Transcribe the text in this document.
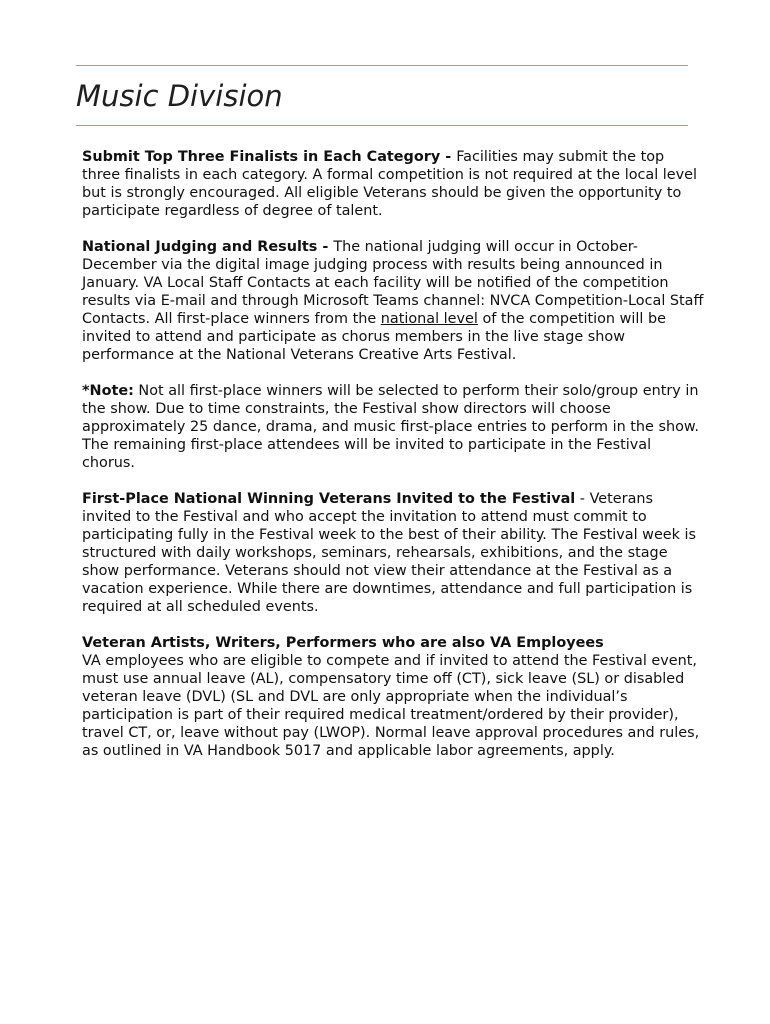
Music Division

Submit Top Three Finalists in Each Category - Facilities may submit the top three finalists in each category. A formal competition is not required at the local level but is strongly encouraged. All eligible Veterans should be given the opportunity to participate regardless of degree of talent.

National Judging and Results - The national judging will occur in October-December via the digital image judging process with results being announced in January. VA Local Staff Contacts at each facility will be notified of the competition results via E-mail and through Microsoft Teams channel: NVCA Competition-Local Staff Contacts. All first-place winners from the national level of the competition will be invited to attend and participate as chorus members in the live stage show performance at the National Veterans Creative Arts Festival.

*Note: Not all first-place winners will be selected to perform their solo/group entry in the show. Due to time constraints, the Festival show directors will choose approximately 25 dance, drama, and music first-place entries to perform in the show. The remaining first-place attendees will be invited to participate in the Festival chorus.

First-Place National Winning Veterans Invited to the Festival - Veterans invited to the Festival and who accept the invitation to attend must commit to participating fully in the Festival week to the best of their ability. The Festival week is structured with daily workshops, seminars, rehearsals, exhibitions, and the stage show performance. Veterans should not view their attendance at the Festival as a vacation experience. While there are downtimes, attendance and full participation is required at all scheduled events.

Veteran Artists, Writers, Performers who are also VA Employees
VA employees who are eligible to compete and if invited to attend the Festival event, must use annual leave (AL), compensatory time off (CT), sick leave (SL) or disabled veteran leave (DVL) (SL and DVL are only appropriate when the individual’s participation is part of their required medical treatment/ordered by their provider), travel CT, or, leave without pay (LWOP). Normal leave approval procedures and rules, as outlined in VA Handbook 5017 and applicable labor agreements, apply.
